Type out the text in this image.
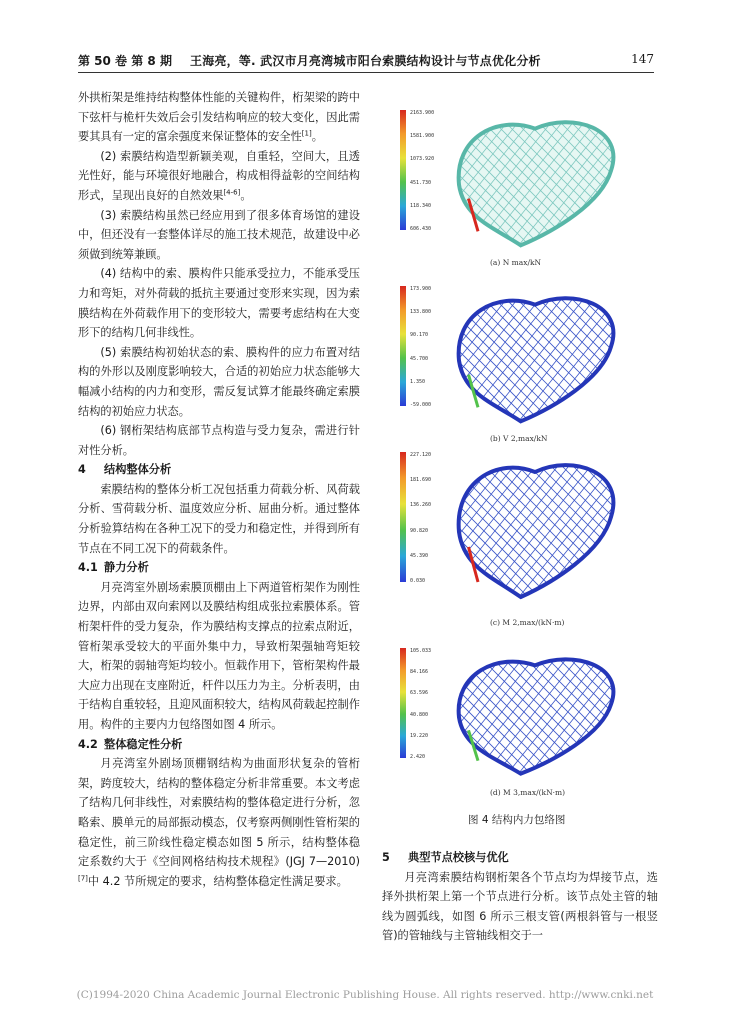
第 50 卷 第 8 期 王海亮，等. 武汉市月亮湾城市阳台索膜结构设计与节点优化分析	147

外拱桁架是维持结构整体性能的关键构件，桁架梁的跨中下弦杆与桅杆失效后会引发结构响应的较大变化，因此需要其具有一定的富余强度来保证整体的安全性[1]。

(2) 索膜结构造型新颖美观，自重轻，空间大，且透光性好，能与环境很好地融合，构成相得益彰的空间结构形式，呈现出良好的自然效果[4-6]。

(3) 索膜结构虽然已经应用到了很多体育场馆的建设中，但还没有一套整体详尽的施工技术规范，故建设中必须做到统筹兼顾。

(4) 结构中的索、膜构件只能承受拉力，不能承受压力和弯矩，对外荷载的抵抗主要通过变形来实现，因为索膜结构在外荷载作用下的变形较大，需要考虑结构在大变形下的结构几何非线性。

(5) 索膜结构初始状态的索、膜构件的应力布置对结构的外形以及刚度影响较大，合适的初始应力状态能够大幅减小结构的内力和变形，需反复试算才能最终确定索膜结构的初始应力状态。

(6) 钢桁架结构底部节点构造与受力复杂，需进行针对性分析。

4 结构整体分析

索膜结构的整体分析工况包括重力荷载分析、风荷载分析、雪荷载分析、温度效应分析、屈曲分析。通过整体分析验算结构在各种工况下的受力和稳定性，并得到所有节点在不同工况下的荷载条件。

4.1 静力分析

月亮湾室外剧场索膜顶棚由上下两道管桁架作为刚性边界，内部由双向索网以及膜结构组成张拉索膜体系。管桁架杆件的受力复杂，作为膜结构支撑点的拉索点附近，管桁架承受较大的平面外集中力，导致桁架强轴弯矩较大，桁架的弱轴弯矩均较小。恒载作用下，管桁架构件最大应力出现在支座附近，杆件以压力为主。分析表明，由于结构自重较轻，且迎风面积较大，结构风荷载起控制作用。构件的主要内力包络图如图 4 所示。

4.2 整体稳定性分析

月亮湾室外剧场顶棚钢结构为曲面形状复杂的管桁架，跨度较大，结构的整体稳定分析非常重要。本文考虑了结构几何非线性，对索膜结构的整体稳定进行分析，忽略索、膜单元的局部振动模态，仅考察两侧刚性管桁架的稳定性，前三阶线性稳定模态如图 5 所示，结构整体稳定系数约大于《空间网格结构技术规程》(JGJ 7—2010)[7]中 4.2 节所规定的要求，结构整体稳定性满足要求。

2163.900
1581.900
1073.920
451.730
118.340
606.430
(a) N max/kN
173.900
133.800
90.170
45.700
1.350
-59.000
(b) V 2,max/kN
227.120
181.690
136.260
90.820
45.390
0.030
(c) M 2,max/(kN·m)
105.033
84.166
63.596
40.800
19.220
2.420
(d) M 3,max/(kN·m)
图 4 结构内力包络图

5 典型节点校核与优化

月亮湾索膜结构钢桁架各个节点均为焊接节点，选择外拱桁架上第一个节点进行分析。该节点处主管的轴线为圆弧线，如图 6 所示三根支管(两根斜管与一根竖管)的管轴线与主管轴线相交于一

(C)1994-2020 China Academic Journal Electronic Publishing House. All rights reserved. http://www.cnki.net
